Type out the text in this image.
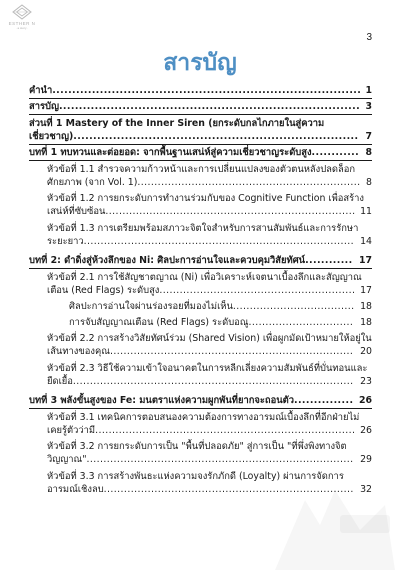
ESTHER N
· a story ·
3
สารบัญ
คำนำ.............................................................................. 1
สารบัญ............................................................................ 3
ส่วนที่ 1 Mastery of the Inner Siren (ยกระดับกลไกภายในสู่ความเชี่ยวชาญ)........................................................................ 7
บทที่ 1 ทบทวนและต่อยอด: จากพื้นฐานเสน่ห์สู่ความเชี่ยวชาญระดับสูง............ 8
หัวข้อที่ 1.1 สำรวจความก้าวหน้าและการเปลี่ยนแปลงของตัวตนหลังปลดล็อกศักยภาพ (จาก Vol. 1).................................................................. 8
หัวข้อที่ 1.2 การยกระดับการทำงานร่วมกับของ Cognitive Function เพื่อสร้างเสน่ห์ที่ซับซ้อน.......................................................................... 11
หัวข้อที่ 1.3 การเตรียมพร้อมสภาวะจิตใจสำหรับการสานสัมพันธ์และการรักษาระยะยาว................................................................................ 14
บทที่ 2: ดำดิ่งสู่ห้วงลึกของ Ni: ศิลปะการอ่านใจและควบคุมวิสัยทัศน์............ 17
หัวข้อที่ 2.1 การใช้สัญชาตญาณ (Ni) เพื่อวิเคราะห์เจตนาเบื้องลึกและสัญญาณเตือน (Red Flags) ระดับสูง.......................................................... 17
ศิลปะการอ่านใจผ่านร่องรอยที่มองไม่เห็น.................................... 18
การจับสัญญาณเตือน (Red Flags) ระดับอณู............................... 18
หัวข้อที่ 2.2 การสร้างวิสัยทัศน์ร่วม (Shared Vision) เพื่อผูกมัดเป้าหมายให้อยู่ในเส้นทางของคุณ........................................................................ 20
หัวข้อที่ 2.3 วิธีใช้ความเข้าใจอนาคตในการหลีกเลี่ยงความสัมพันธ์ที่บั่นทอนและยืดเยื้อ................................................................................... 23
บทที่ 3 พลังขั้นสูงของ Fe: มนตราแห่งความผูกพันที่ยากจะถอนตัว............... 26
หัวข้อที่ 3.1 เทคนิคการตอบสนองความต้องการทางอารมณ์เบื้องลึกที่อีกฝ่ายไม่เคยรู้ตัวว่ามี............................................................................. 26
หัวข้อที่ 3.2 การยกระดับการเป็น "พื้นที่ปลอดภัย" สู่การเป็น "ที่พึ่งพิงทางจิตวิญญาณ"............................................................................... 29
หัวข้อที่ 3.3 การสร้างพันธะแห่งความจงรักภักดี (Loyalty) ผ่านการจัดการอารมณ์เชิงลบ.......................................................................... 32
